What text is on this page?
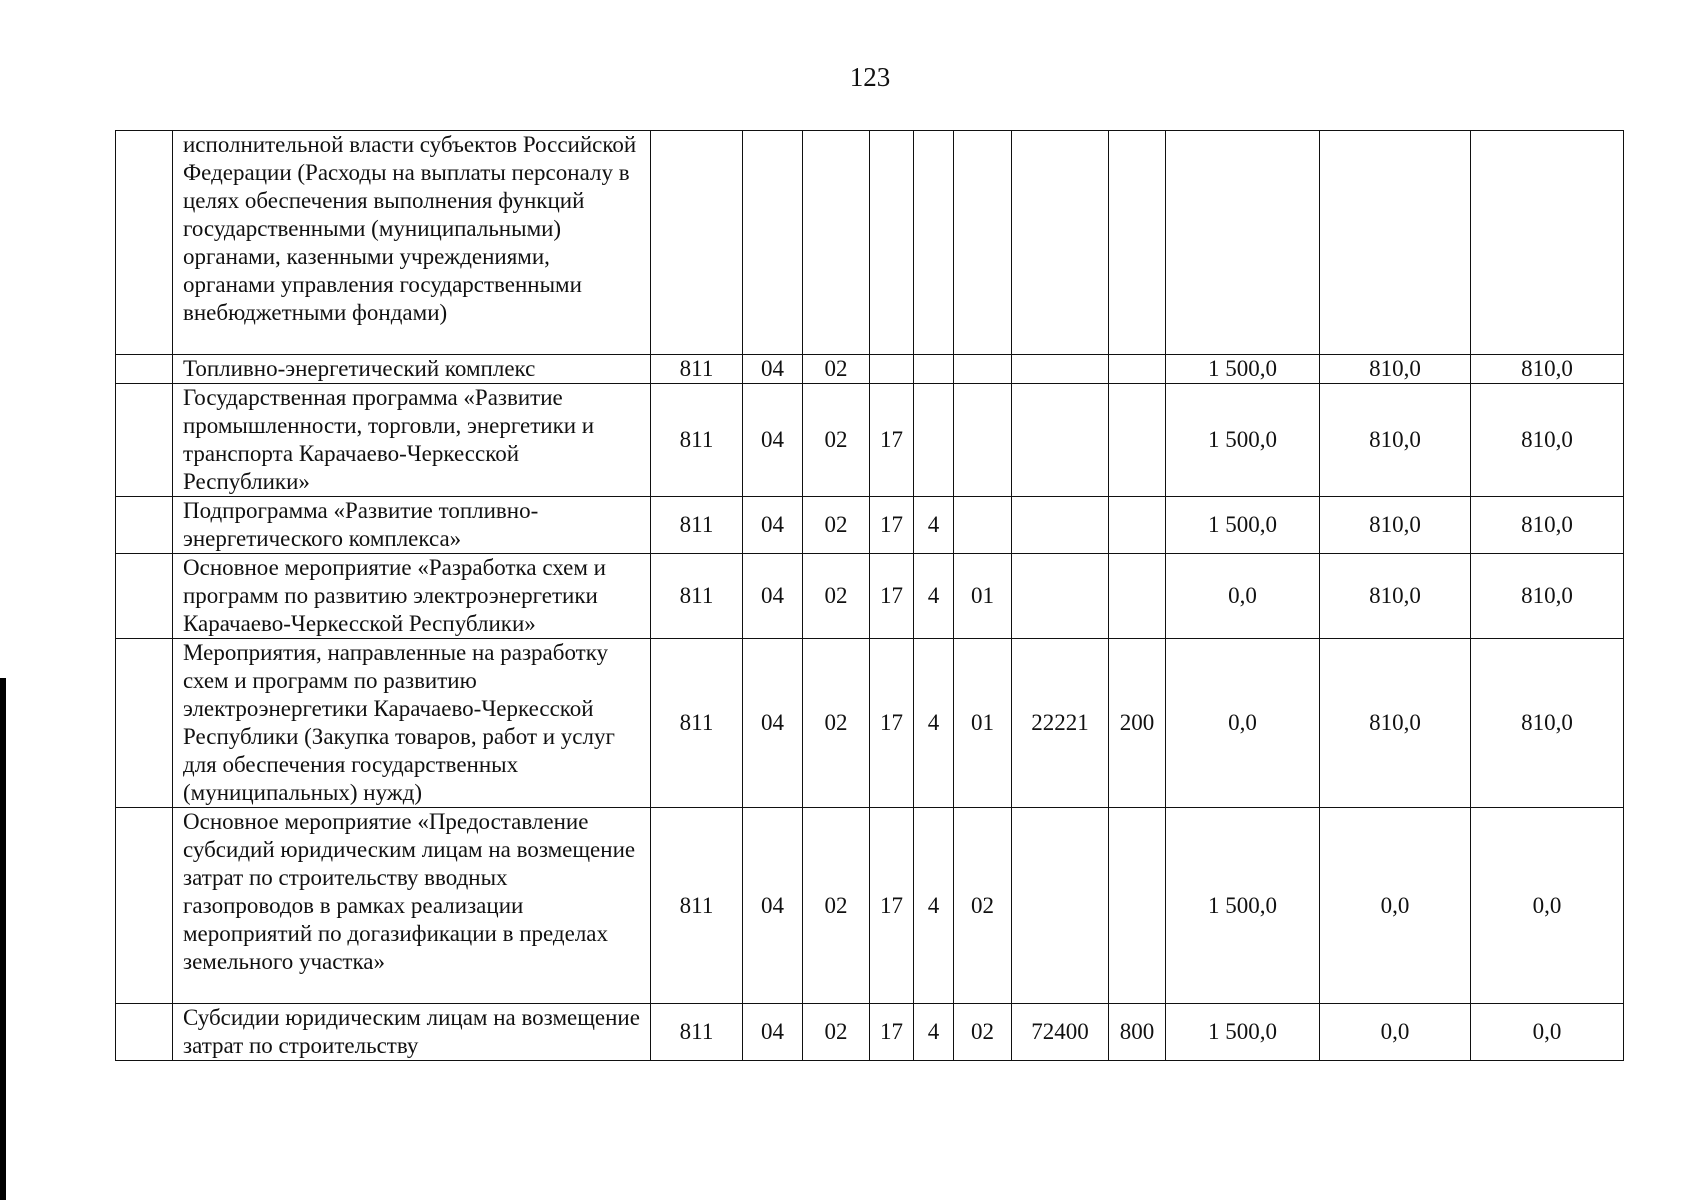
123
	исполнительной власти субъектов Российской Федерации (Расходы на выплаты персоналу в целях обеспечения выполнения функций государственными (муниципальными) органами, казенными учреждениями, органами управления государственными внебюджетными фондами)											
	Топливно-энергетический комплекс	811	04	02						1 500,0	810,0	810,0
	Государственная программа «Развитие промышленности, торговли, энергетики и транспорта Карачаево-Черкесской Республики»	811	04	02	17					1 500,0	810,0	810,0
	Подпрограмма «Развитие топливно-энергетического комплекса»	811	04	02	17	4				1 500,0	810,0	810,0
	Основное мероприятие «Разработка схем и программ по развитию электроэнергетики Карачаево-Черкесской Республики»	811	04	02	17	4	01			0,0	810,0	810,0
	Мероприятия, направленные на разработку схем и программ по развитию электроэнергетики Карачаево-Черкесской Республики (Закупка товаров, работ и услуг для обеспечения государственных (муниципальных) нужд)	811	04	02	17	4	01	22221	200	0,0	810,0	810,0
	Основное мероприятие «Предоставление субсидий юридическим лицам на возмещение затрат по строительству вводных газопроводов в рамках реализации мероприятий по догазификации в пределах земельного участка»	811	04	02	17	4	02			1 500,0	0,0	0,0
	Субсидии юридическим лицам на возмещение затрат по строительству	811	04	02	17	4	02	72400	800	1 500,0	0,0	0,0
